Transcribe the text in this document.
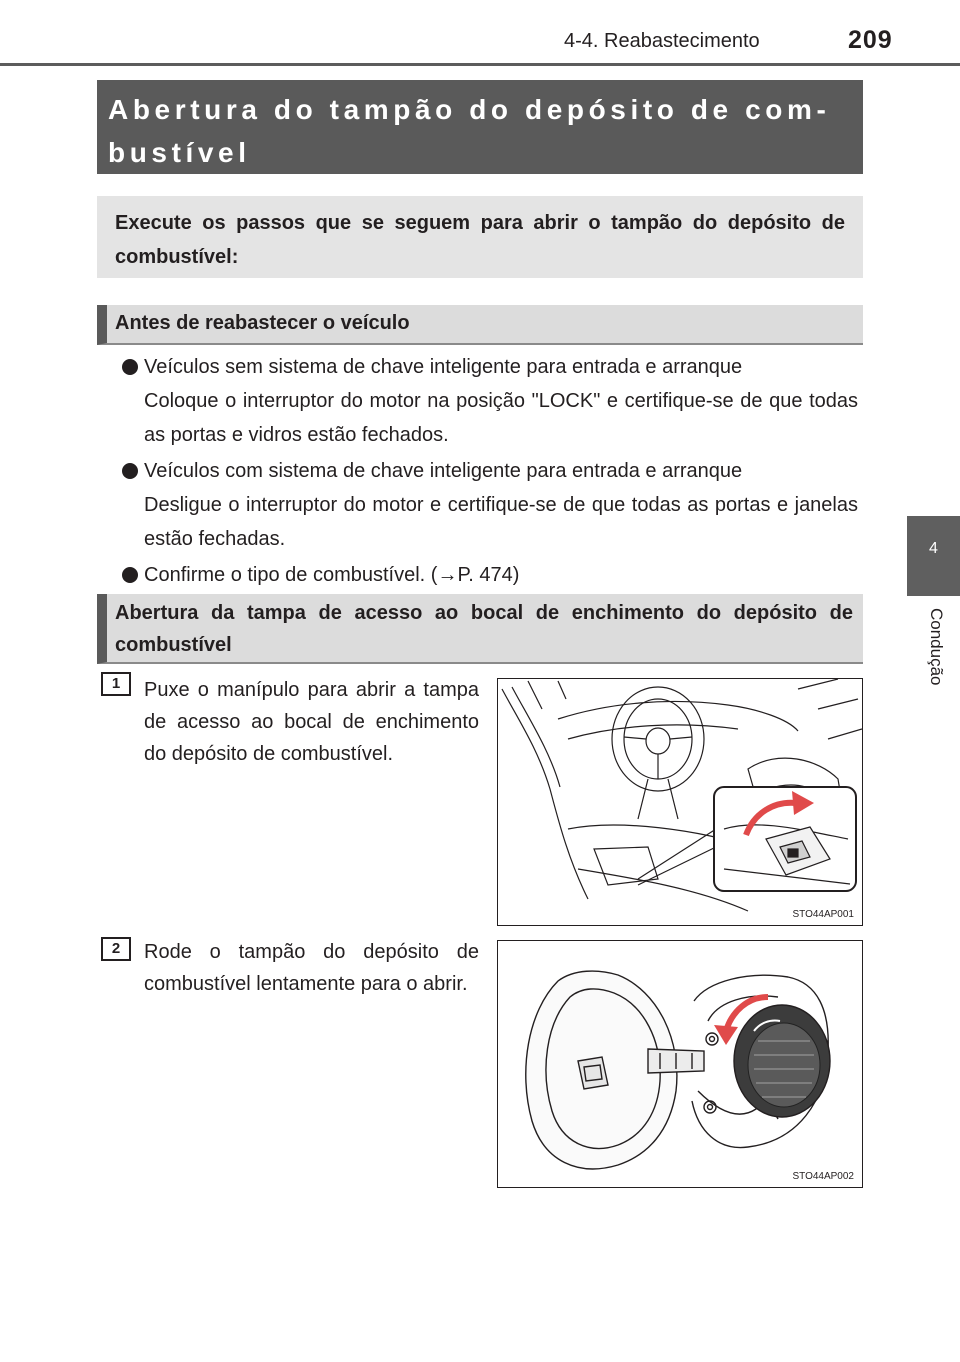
4-4. Reabastecimento	209
4
Condução
Abertura do tampão do depósito de com-
bustível

Execute os passos que se seguem para abrir o tampão do depósito de combustível:

Antes de reabastecer o veículo
Veículos sem sistema de chave inteligente para entrada e arranque
Coloque o interruptor do motor na posição "LOCK" e certifique-se de que todas as portas e vidros estão fechados.
Veículos com sistema de chave inteligente para entrada e arranque
Desligue o interruptor do motor e certifique-se de que todas as portas e janelas estão fechadas.
Confirme o tipo de combustível. (→P. 474)

Abertura da tampa de acesso ao bocal de enchimento do depósito de combustível

1	Puxe o manípulo para abrir a tampa de acesso ao bocal de enchimento do depósito de combustível.
STO44AP001
2	Rode o tampão do depósito de combustível lentamente para o abrir.
STO44AP002
